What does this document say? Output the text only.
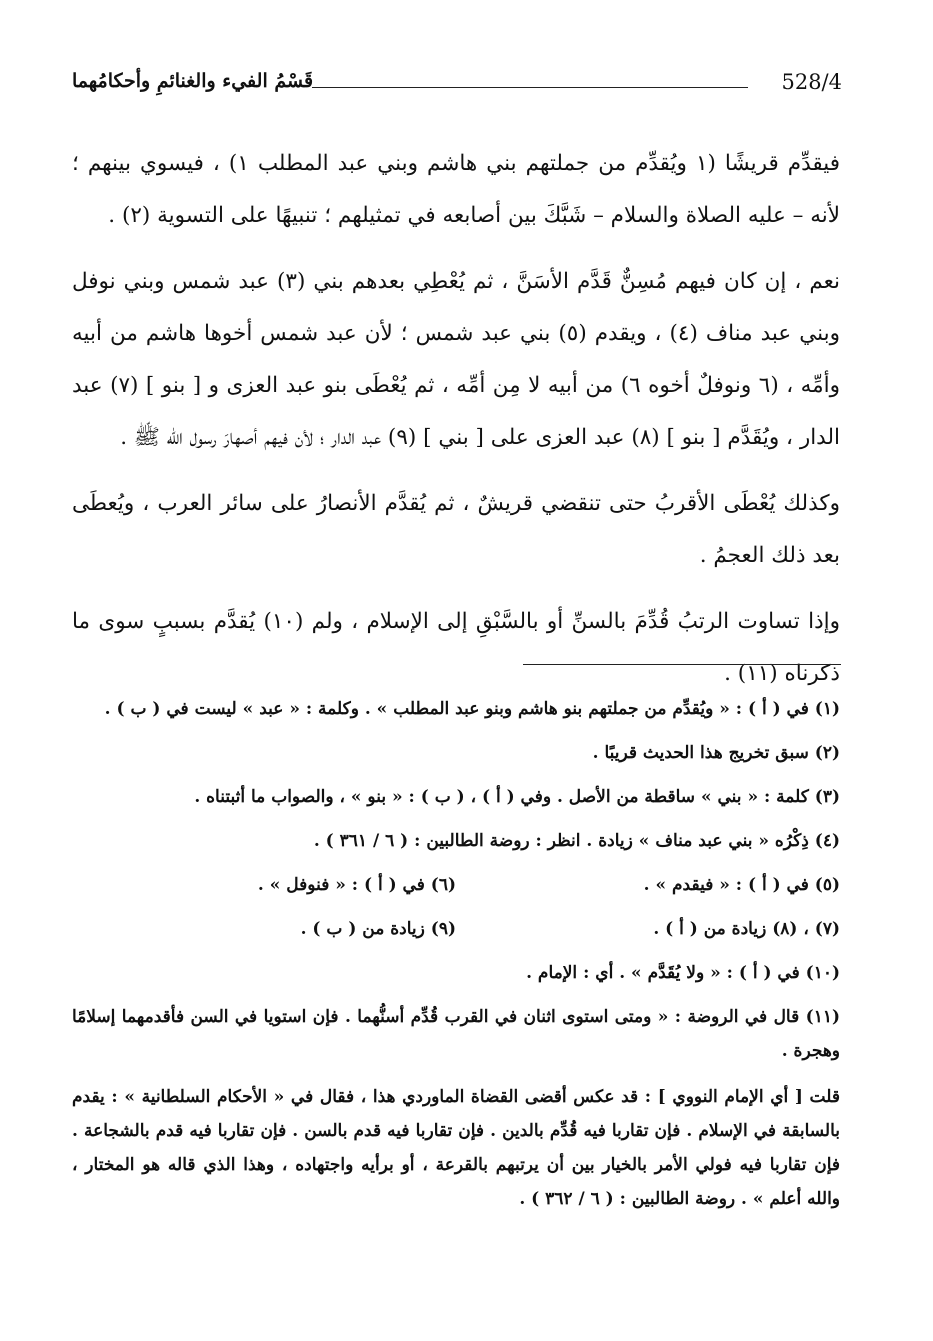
528/4
قَسْمُ الفيء والغنائمِ وأحكامُهما

فيقدِّم قريشًا (١ ويُقدِّم من جملتهم بني هاشم وبني عبد المطلب ١) ، فيسوي بينهم ؛ لأنه – عليه الصلاة والسلام – شَبَّكَ بين أصابعه في تمثيلهم ؛ تنبيهًا على التسوية (٢) .

نعم ، إن كان فيهم مُسِنٌّ قَدَّم الأسَنَّ ، ثم يُعْطِي بعدهم بني (٣) عبد شمس وبني نوفل وبني عبد مناف (٤) ، ويقدم (٥) بني عبد شمس ؛ لأن عبد شمس أخوها هاشم من أبيه وأمِّه ، (٦ ونوفلٌ أخوه ٦) من أبيه لا مِن أمِّه ، ثم يُعْطَى بنو عبد العزى و [ بنو ] (٧) عبد الدار ، ويُقَدَّم [ بنو ] (٨) عبد العزى على [ بني ] (٩) عبد الدار ؛ لأن فيهم أصهارَ رسول الله ﷺ .

وكذلك يُعْطَى الأقربُ حتى تنقضي قريشٌ ، ثم يُقدَّم الأنصارُ على سائر العرب ، ويُعطَى بعد ذلك العجمُ .

وإذا تساوت الرتبُ قُدِّمَ بالسنِّ أو بالسَّبْقِ إلى الإسلام ، ولم (١٠) يُقدَّم بسببٍ سوى ما ذكرناه (١١) .

(١) في ( أ ) : « ويُقدِّم من جملتهم بنو هاشم وبنو عبد المطلب » . وكلمة : « عبد » ليست في ( ب ) .

(٢) سبق تخريج هذا الحديث قريبًا .

(٣) كلمة : « بني » ساقطة من الأصل . وفي ( أ ) ، ( ب ) : « بنو » ، والصواب ما أثبتناه .

(٤) ذِكْرُه « بني عبد مناف » زيادة . انظر : روضة الطالبين : ( ٦ / ٣٦١ ) .

(٥) في ( أ ) : « فيقدم » .
(٦) في ( أ ) : « فنوفل » .
(٧) ، (٨) زيادة من ( أ ) .
(٩) زيادة من ( ب ) .

(١٠) في ( أ ) : « ولا يُقَدَّم » . أي : الإمام .

(١١) قال في الروضة : « ومتى استوى اثنان في القرب قُدِّم أسنُّهما . فإن استويا في السن فأقدمهما إسلامًا وهجرة .

قلت [ أي الإمام النووي ] : قد عكس أقضى القضاة الماوردي هذا ، فقال في « الأحكام السلطانية » : يقدم بالسابقة في الإسلام . فإن تقاربا فيه قُدِّم بالدين . فإن تقاربا فيه قدم بالسن . فإن تقاربا فيه قدم بالشجاعة . فإن تقاربا فيه فولي الأمر بالخيار بين أن يرتبهم بالقرعة ، أو برأيه واجتهاده ، وهذا الذي قاله هو المختار ، والله أعلم » . روضة الطالبين : ( ٦ / ٣٦٢ ) .
